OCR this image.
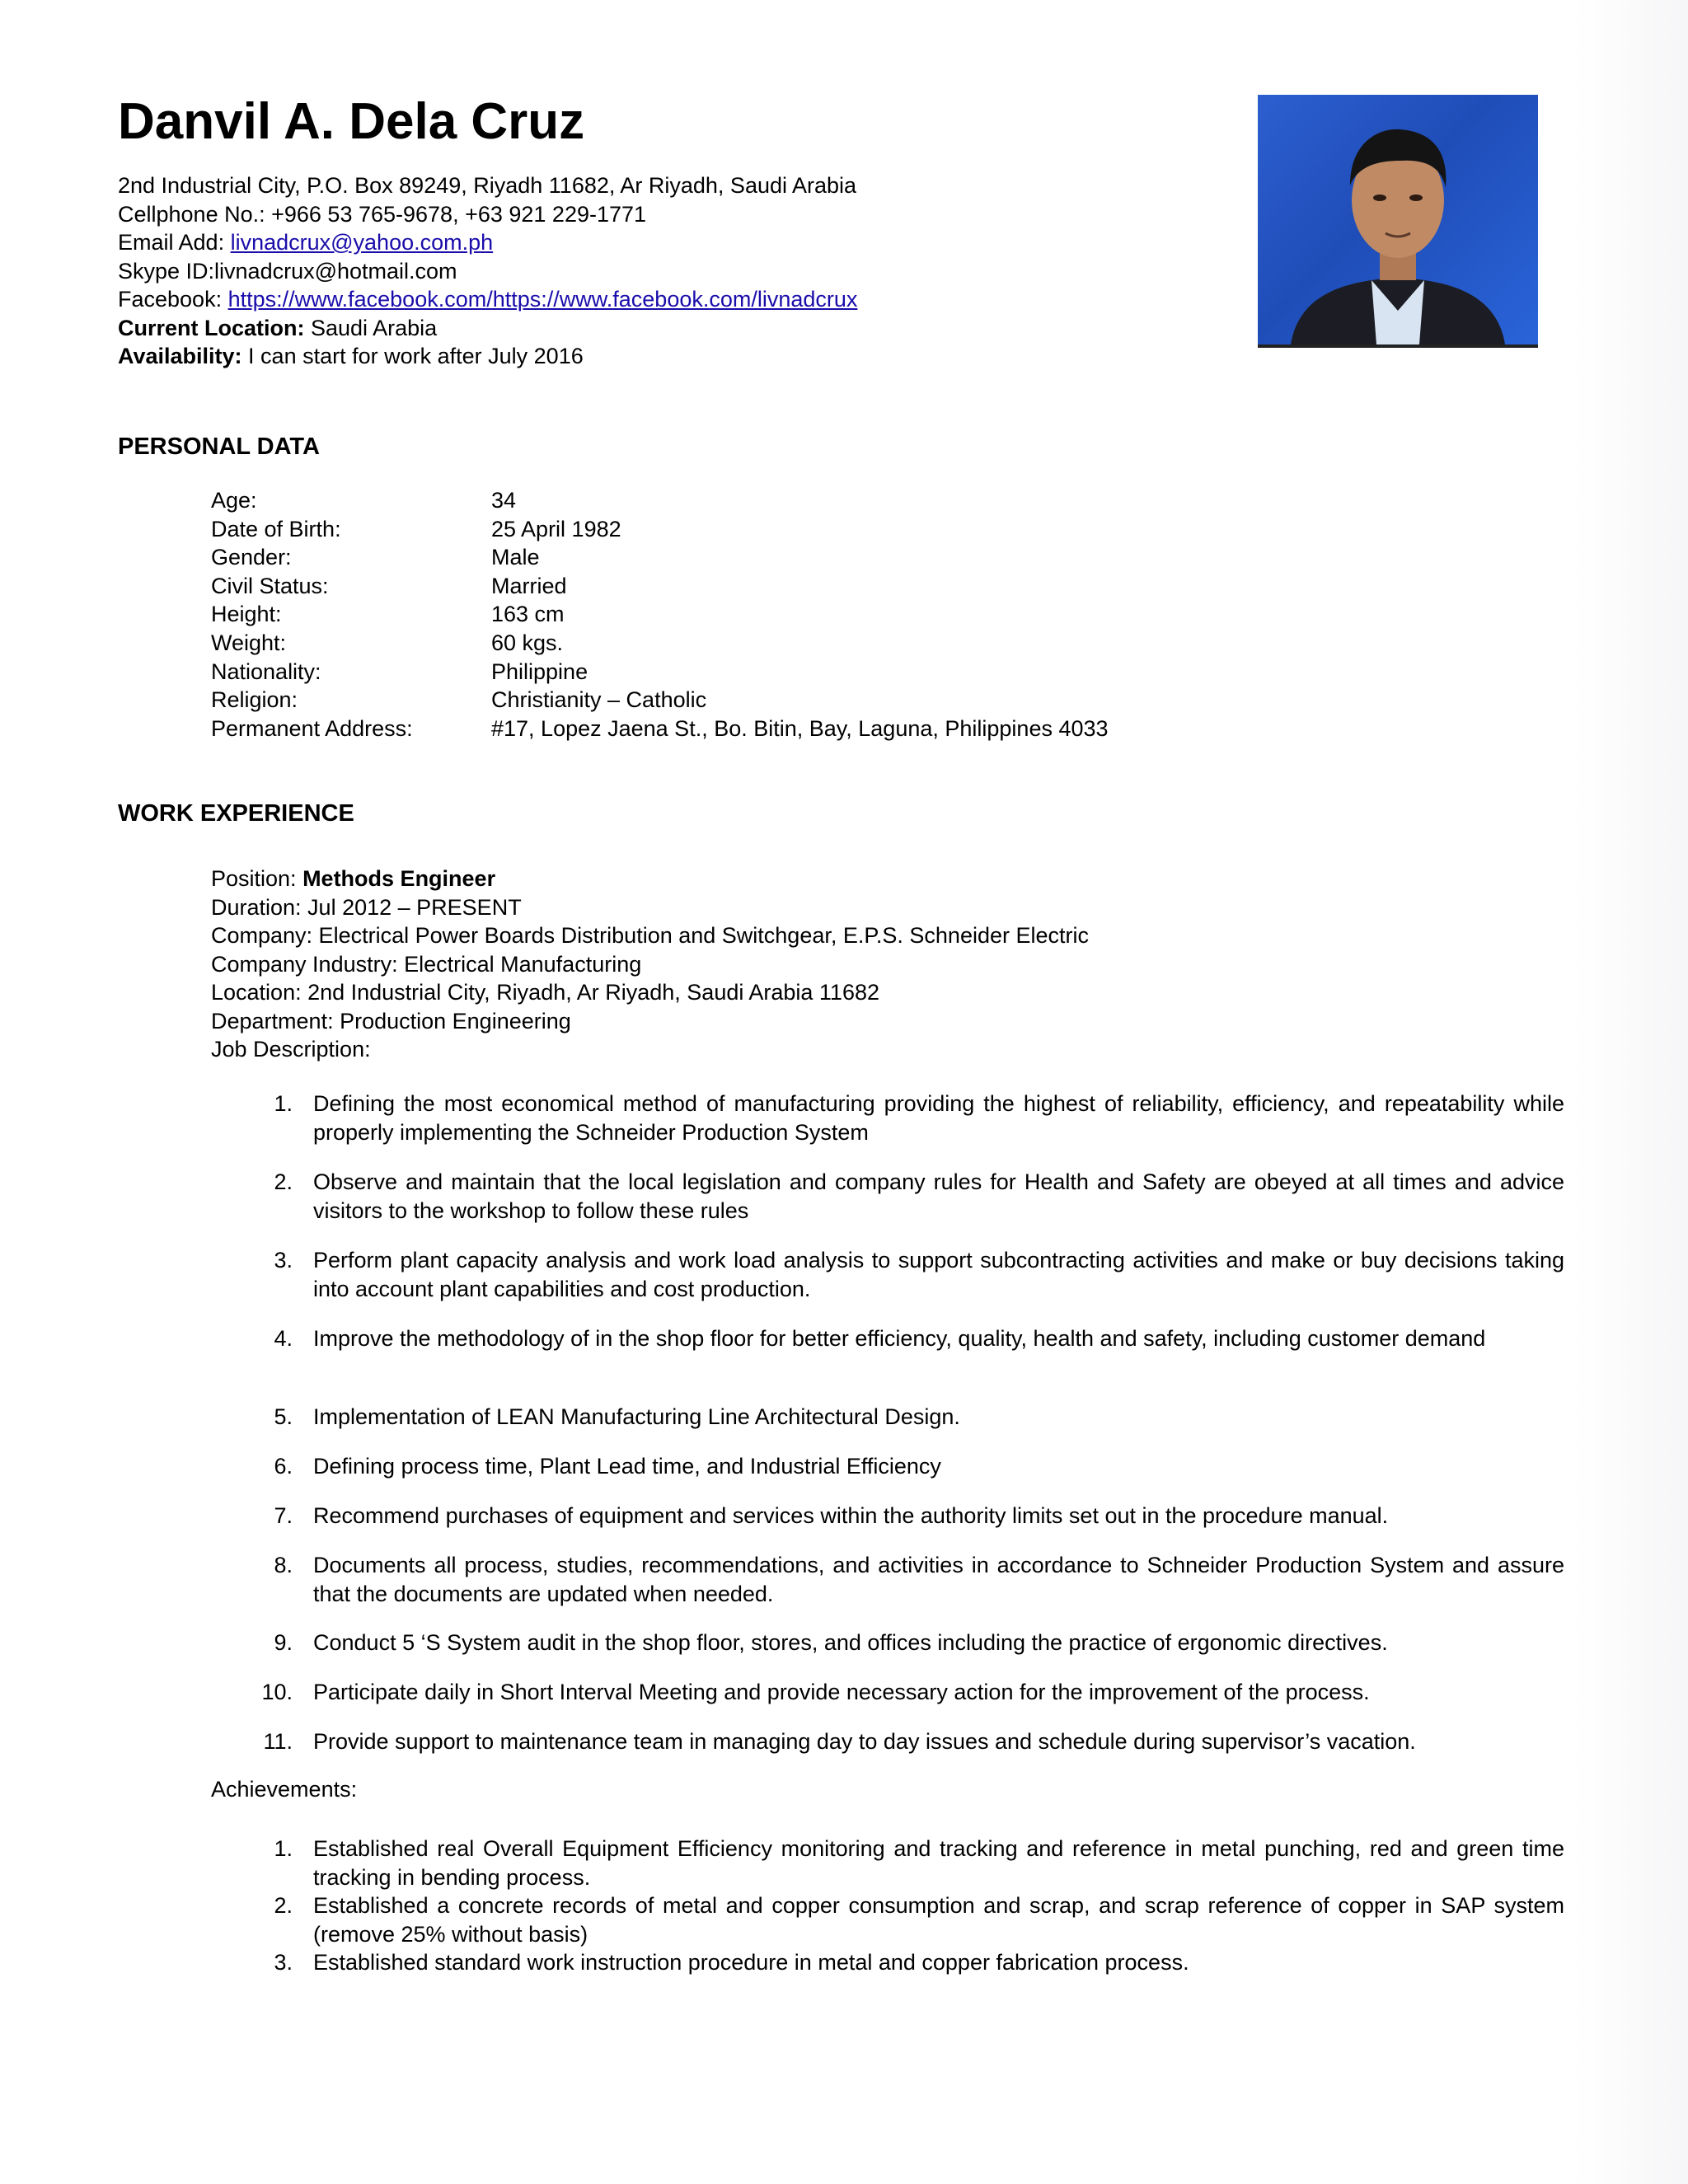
Danvil A. Dela Cruz

2nd Industrial City, P.O. Box 89249, Riyadh 11682, Ar Riyadh, Saudi Arabia

Cellphone No.: +966 53 765-9678, +63 921 229-1771

Email Add: livnadcrux@yahoo.com.ph

Skype ID:livnadcrux@hotmail.com

Facebook: https://www.facebook.com/https://www.facebook.com/livnadcrux

Current Location: Saudi Arabia

Availability: I can start for work after July 2016

PERSONAL DATA
Age:	34
Date of Birth:	25 April 1982
Gender:	Male
Civil Status:	Married
Height:	163 cm
Weight:	60 kgs.
Nationality:	Philippine
Religion:	Christianity – Catholic
Permanent Address:	#17, Lopez Jaena St., Bo. Bitin, Bay, Laguna, Philippines 4033
WORK EXPERIENCE

Position: Methods Engineer

Duration: Jul 2012 – PRESENT

Company: Electrical Power Boards Distribution and Switchgear, E.P.S. Schneider Electric

Company Industry: Electrical Manufacturing

Location: 2nd Industrial City, Riyadh, Ar Riyadh, Saudi Arabia 11682

Department: Production Engineering

Job Description:

1. Defining the most economical method of manufacturing providing the highest of reliability, efficiency, and repeatability while properly implementing the Schneider Production System
2. Observe and maintain that the local legislation and company rules for Health and Safety are obeyed at all times and advice visitors to the workshop to follow these rules
3. Perform plant capacity analysis and work load analysis to support subcontracting activities and make or buy decisions taking into account plant capabilities and cost production.
4. Improve the methodology of in the shop floor for better efficiency, quality, health and safety, including customer demand
5. Implementation of LEAN Manufacturing Line Architectural Design.
6. Defining process time, Plant Lead time, and Industrial Efficiency
7. Recommend purchases of equipment and services within the authority limits set out in the procedure manual.
8. Documents all process, studies, recommendations, and activities in accordance to Schneider Production System and assure that the documents are updated when needed.
9. Conduct 5 ‘S System audit in the shop floor, stores, and offices including the practice of ergonomic directives.
10. Participate daily in Short Interval Meeting and provide necessary action for the improvement of the process.
11. Provide support to maintenance team in managing day to day issues and schedule during supervisor’s vacation.

Achievements:

1. Established real Overall Equipment Efficiency monitoring and tracking and reference in metal punching, red and green time tracking in bending process.
2. Established a concrete records of metal and copper consumption and scrap, and scrap reference of copper in SAP system (remove 25% without basis)
3. Established standard work instruction procedure in metal and copper fabrication process.
